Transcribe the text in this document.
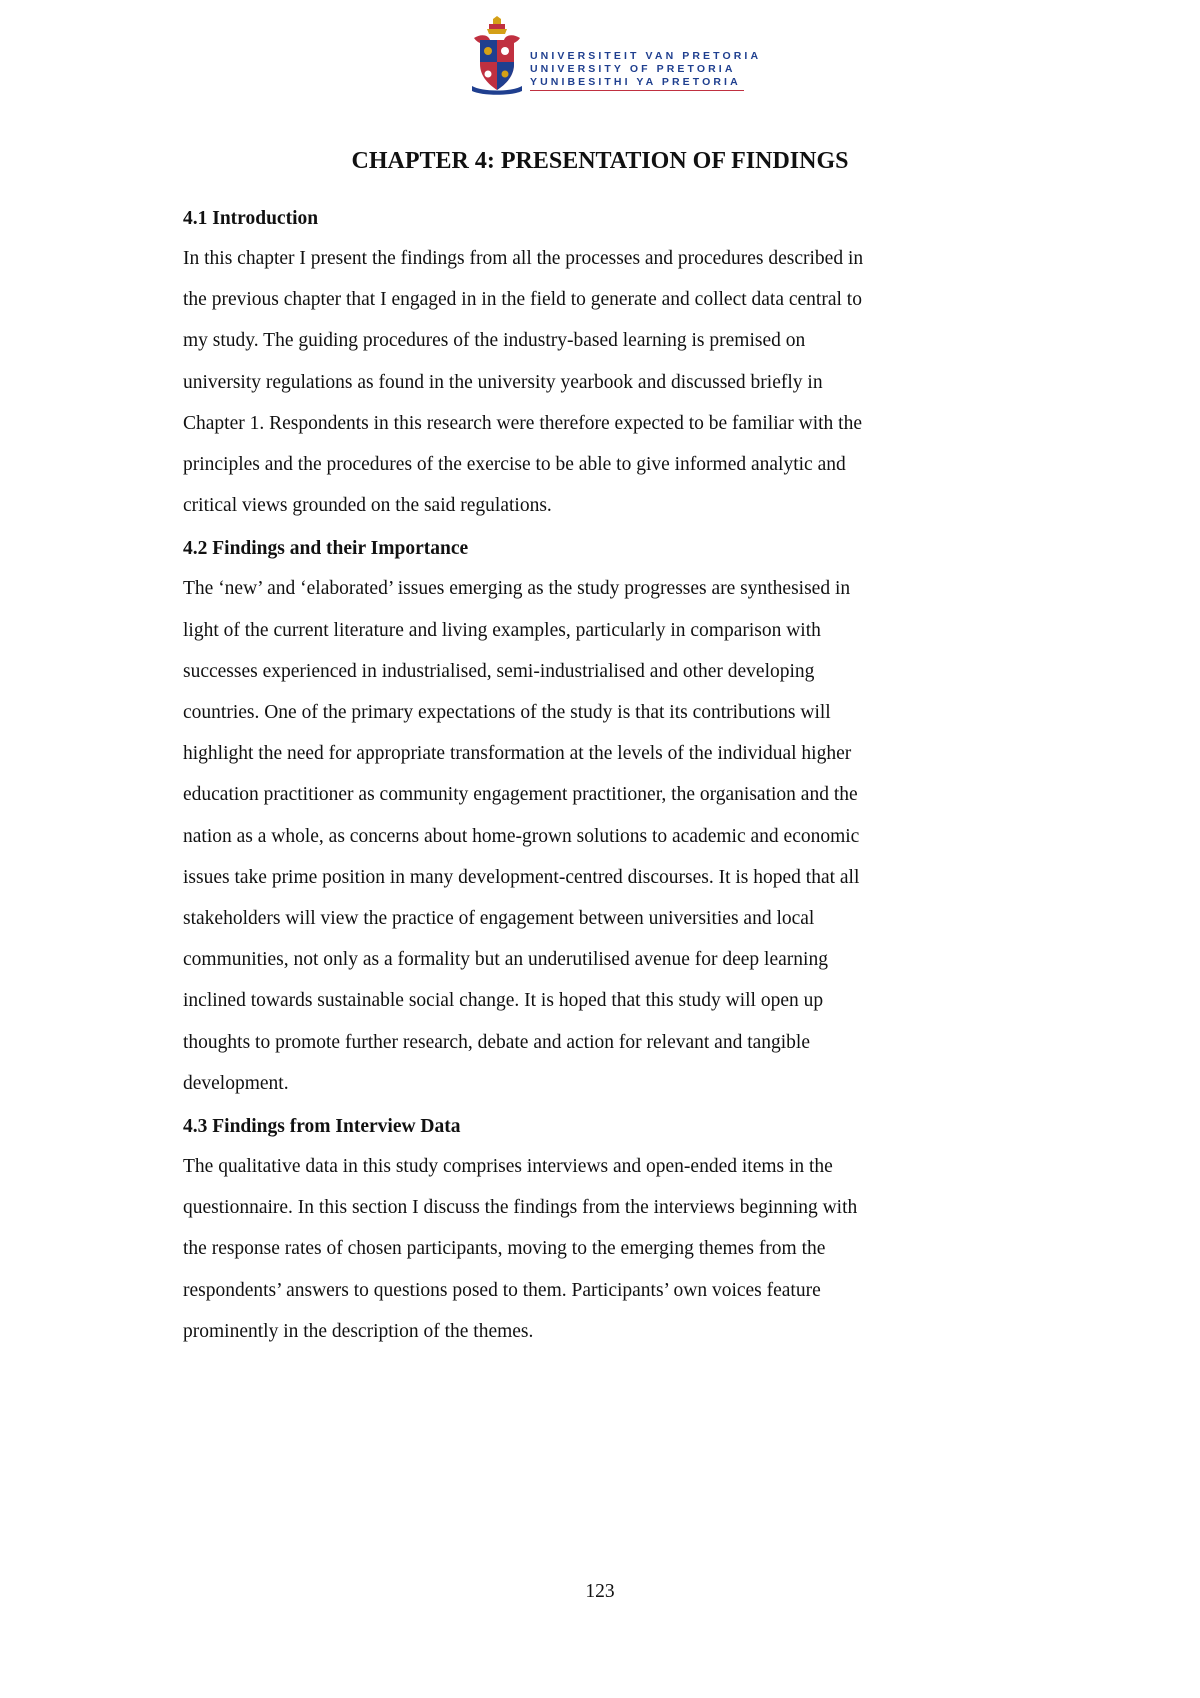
UNIVERSITEIT VAN PRETORIA
UNIVERSITY OF PRETORIA
YUNIBESITHI YA PRETORIA
CHAPTER 4: PRESENTATION OF FINDINGS
4.1 Introduction

In this chapter I present the findings from all the processes and procedures described in
the previous chapter that I engaged in in the field to generate and collect data central to
my study. The guiding procedures of the industry-based learning is premised on
university regulations as found in the university yearbook and discussed briefly in
Chapter 1. Respondents in this research were therefore expected to be familiar with the
principles and the procedures of the exercise to be able to give informed analytic and
critical views grounded on the said regulations.

4.2 Findings and their Importance

The ‘new’ and ‘elaborated’ issues emerging as the study progresses are synthesised in
light of the current literature and living examples, particularly in comparison with
successes experienced in industrialised, semi-industrialised and other developing
countries. One of the primary expectations of the study is that its contributions will
highlight the need for appropriate transformation at the levels of the individual higher
education practitioner as community engagement practitioner, the organisation and the
nation as a whole, as concerns about home-grown solutions to academic and economic
issues take prime position in many development-centred discourses. It is hoped that all
stakeholders will view the practice of engagement between universities and local
communities, not only as a formality but an underutilised avenue for deep learning
inclined towards sustainable social change. It is hoped that this study will open up
thoughts to promote further research, debate and action for relevant and tangible
development.

4.3 Findings from Interview Data

The qualitative data in this study comprises interviews and open-ended items in the
questionnaire. In this section I discuss the findings from the interviews beginning with
the response rates of chosen participants, moving to the emerging themes from the
respondents’ answers to questions posed to them. Participants’ own voices feature
prominently in the description of the themes.

123
